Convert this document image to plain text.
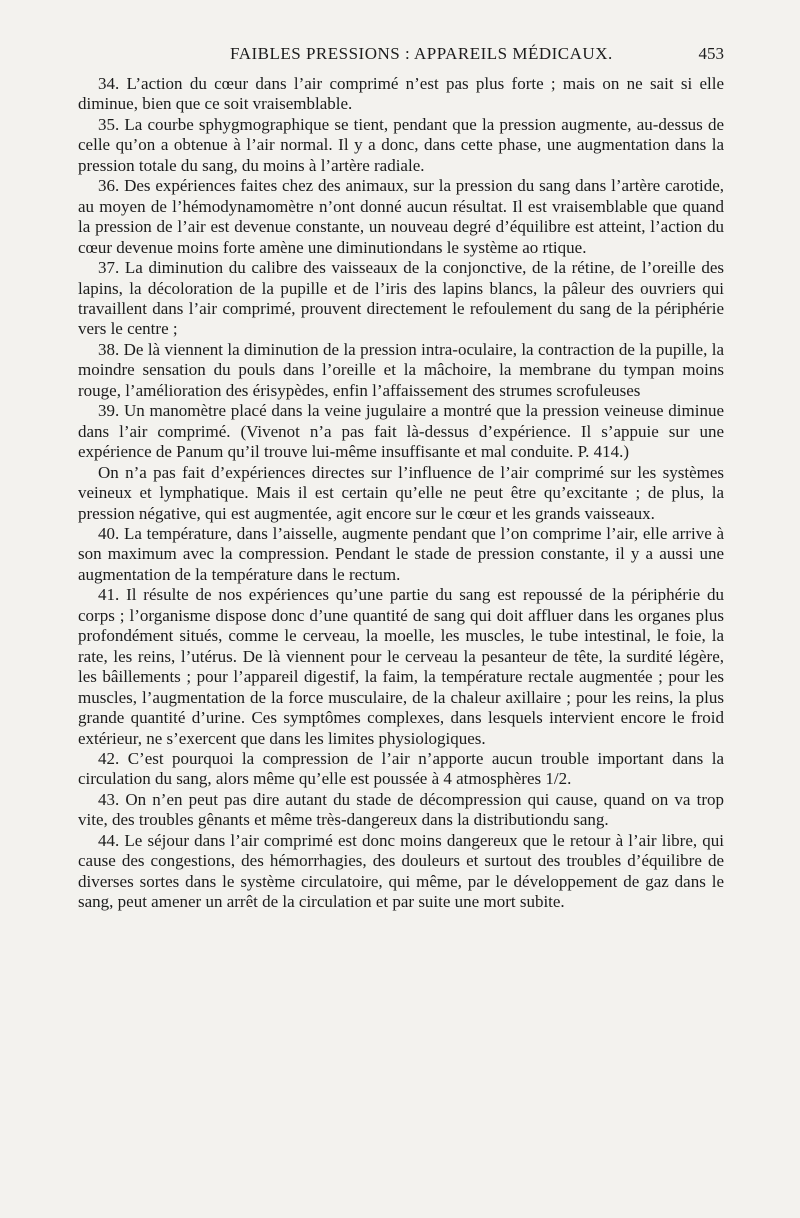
FAIBLES PRESSIONS : APPAREILS MÉDICAUX.	453

34. L’action du cœur dans l’air comprimé n’est pas plus forte ; mais on ne sait si elle diminue, bien que ce soit vraisemblable.

35. La courbe sphygmographique se tient, pendant que la pression augmente, au-dessus de celle qu’on a obtenue à l’air normal. Il y a donc, dans cette phase, une augmentation dans la pression totale du sang, du moins à l’artère radiale.

36. Des expériences faites chez des animaux, sur la pression du sang dans l’artère carotide, au moyen de l’hémodynamomètre n’ont donné aucun résultat. Il est vraisemblable que quand la pression de l’air est devenue constante, un nouveau degré d’équilibre est atteint, l’action du cœur devenue moins forte amène une diminutiondans le système ao rtique.

37. La diminution du calibre des vaisseaux de la conjonctive, de la rétine, de l’oreille des lapins, la décoloration de la pupille et de l’iris des lapins blancs, la pâleur des ouvriers qui travaillent dans l’air comprimé, prouvent directement le refoulement du sang de la périphérie vers le centre ;

38. De là viennent la diminution de la pression intra-oculaire, la contraction de la pupille, la moindre sensation du pouls dans l’oreille et la mâchoire, la membrane du tympan moins rouge, l’amélioration des érisypèdes, enfin l’affaissement des strumes scrofuleuses

39. Un manomètre placé dans la veine jugulaire a montré que la pression veineuse diminue dans l’air comprimé. (Vivenot n’a pas fait là-dessus d’expérience. Il s’appuie sur une expérience de Panum qu’il trouve lui-même insuffisante et mal conduite. P. 414.)

On n’a pas fait d’expériences directes sur l’influence de l’air comprimé sur les systèmes veineux et lymphatique. Mais il est certain qu’elle ne peut être qu’excitante ; de plus, la pression négative, qui est augmentée, agit encore sur le cœur et les grands vaisseaux.

40. La température, dans l’aisselle, augmente pendant que l’on comprime l’air, elle arrive à son maximum avec la compression. Pendant le stade de pression constante, il y a aussi une augmentation de la température dans le rectum.

41. Il résulte de nos expériences qu’une partie du sang est repoussé de la périphérie du corps ; l’organisme dispose donc d’une quantité de sang qui doit affluer dans les organes plus profondément situés, comme le cerveau, la moelle, les muscles, le tube intestinal, le foie, la rate, les reins, l’utérus. De là viennent pour le cerveau la pesanteur de tête, la surdité légère, les bâillements ; pour l’appareil digestif, la faim, la température rectale augmentée ; pour les muscles, l’augmentation de la force musculaire, de la chaleur axillaire ; pour les reins, la plus grande quantité d’urine. Ces symptômes complexes, dans lesquels intervient encore le froid extérieur, ne s’exercent que dans les limites physiologiques.

42. C’est pourquoi la compression de l’air n’apporte aucun trouble important dans la circulation du sang, alors même qu’elle est poussée à 4 atmosphères 1/2.

43. On n’en peut pas dire autant du stade de décompression qui cause, quand on va trop vite, des troubles gênants et même très-dangereux dans la distributiondu sang.

44. Le séjour dans l’air comprimé est donc moins dangereux que le retour à l’air libre, qui cause des congestions, des hémorrhagies, des douleurs et surtout des troubles d’équilibre de diverses sortes dans le système circulatoire, qui même, par le développement de gaz dans le sang, peut amener un arrêt de la circulation et par suite une mort subite.
